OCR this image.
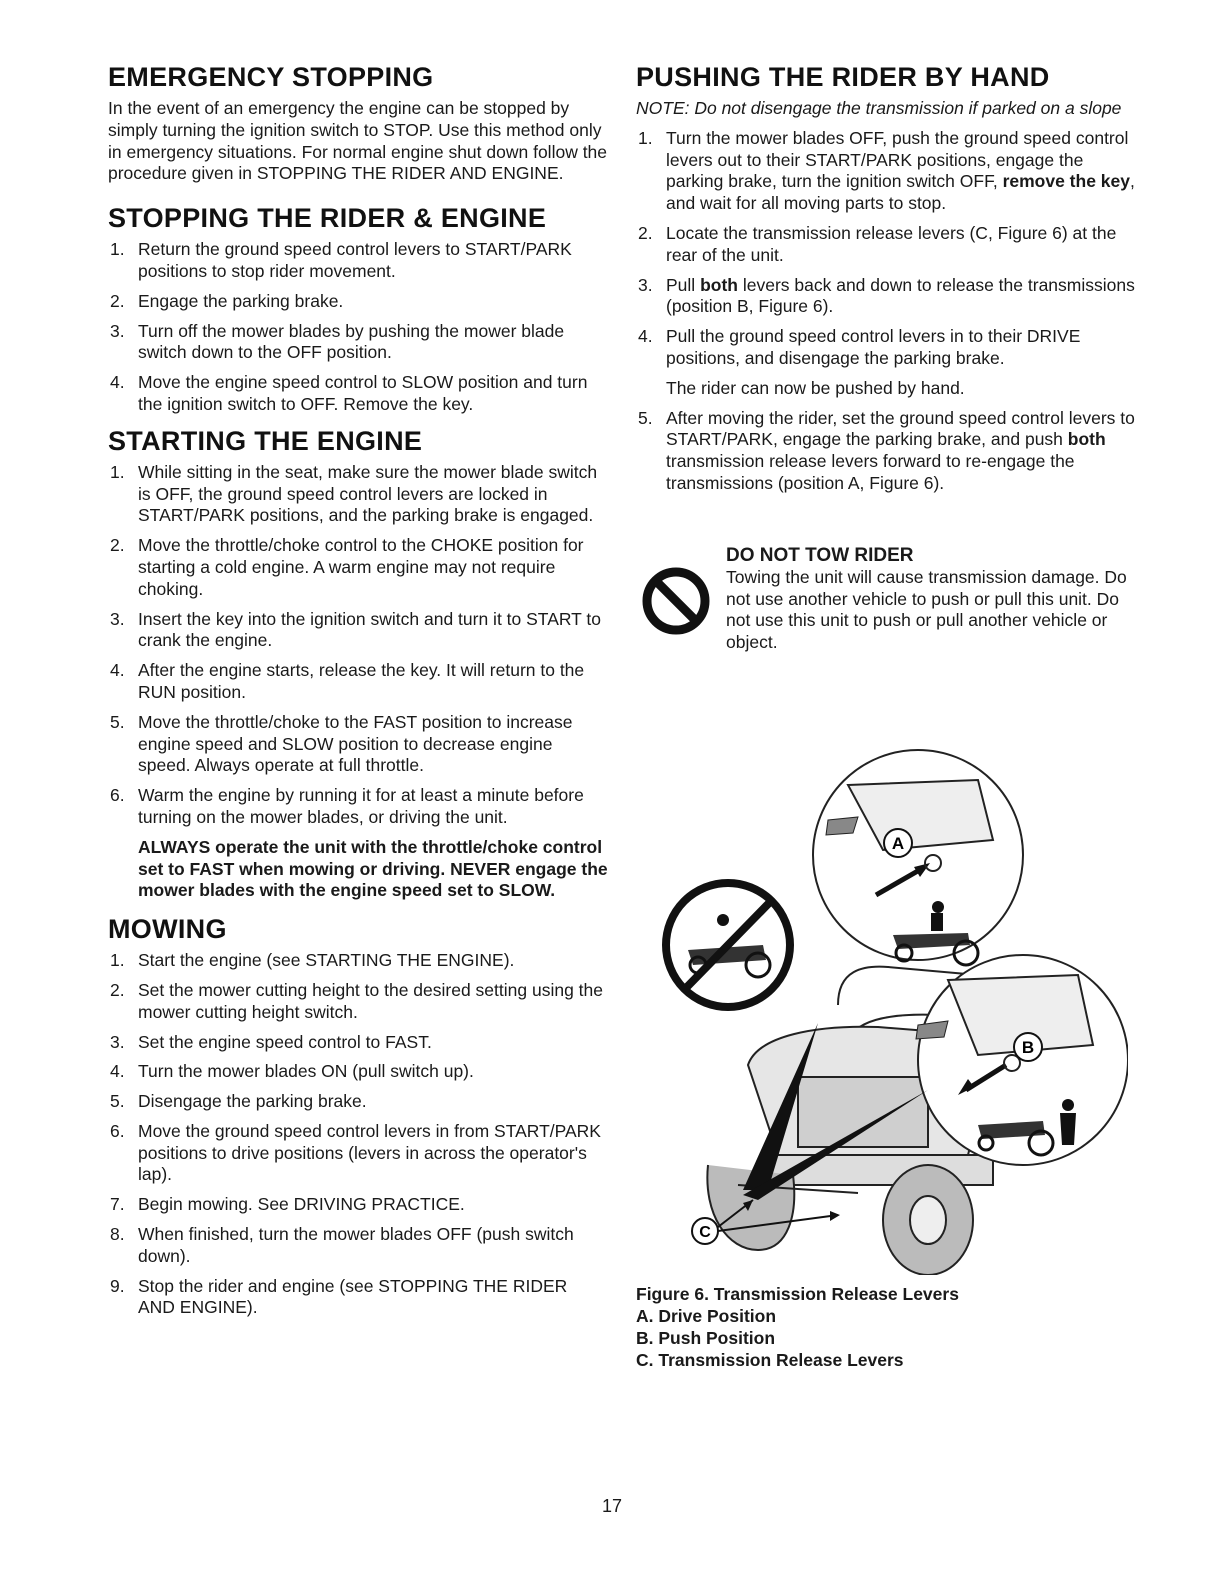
EMERGENCY STOPPING

In the event of an emergency the engine can be stopped by simply turning the ignition switch to STOP. Use this method only in emergency situations. For normal engine shut down follow the procedure given in STOPPING THE RIDER AND ENGINE.

STOPPING THE RIDER & ENGINE
1. Return the ground speed control levers to START/PARK positions to stop rider movement.
2. Engage the parking brake.
3. Turn off the mower blades by pushing the mower blade switch down to the OFF position.
4. Move the engine speed control to SLOW position and turn the ignition switch to OFF. Remove the key.
STARTING THE ENGINE
1. While sitting in the seat, make sure the mower blade switch is OFF, the ground speed control levers are locked in START/PARK positions, and the parking brake is engaged.
2. Move the throttle/choke control to the CHOKE position for starting a cold engine. A warm engine may not require choking.
3. Insert the key into the ignition switch and turn it to START to crank the engine.
4. After the engine starts, release the key. It will return to the RUN position.
5. Move the throttle/choke to the FAST position to increase engine speed and SLOW position to decrease engine speed. Always operate at full throttle.
6. Warm the engine by running it for at least a minute before turning on the mower blades, or driving the unit.

ALWAYS operate the unit with the throttle/choke control set to FAST when mowing or driving. NEVER engage the mower blades with the engine speed set to SLOW.

MOWING
1. Start the engine (see STARTING THE ENGINE).
2. Set the mower cutting height to the desired setting using the mower cutting height switch.
3. Set the engine speed control to FAST.
4. Turn the mower blades ON (pull switch up).
5. Disengage the parking brake.
6. Move the ground speed control levers in from START/PARK positions to drive positions (levers in across the operator's lap).
7. Begin mowing. See DRIVING PRACTICE.
8. When finished, turn the mower blades OFF (push switch down).
9. Stop the rider and engine (see STOPPING THE RIDER AND ENGINE).
PUSHING THE RIDER BY HAND

NOTE: Do not disengage the transmission if parked on a slope

1. Turn the mower blades OFF, push the ground speed control levers out to their START/PARK positions, engage the parking brake, turn the ignition switch OFF, remove the key, and wait for all moving parts to stop.
2. Locate the transmission release levers (C, Figure 6) at the rear of the unit.
3. Pull both levers back and down to release the transmissions (position B, Figure 6).
4. Pull the ground speed control levers in to their DRIVE positions, and disengage the parking brake.

The rider can now be pushed by hand.

5. After moving the rider, set the ground speed control levers to START/PARK, engage the parking brake, and push both transmission release levers forward to re-engage the transmissions (position A, Figure 6).
DO NOT TOW RIDER

Towing the unit will cause transmission damage. Do not use another vehicle to push or pull this unit. Do not use this unit to push or pull another vehicle or object.

A
B
C

Figure 6. Transmission Release Levers

A. Drive Position

B. Push Position

C. Transmission Release Levers

17
